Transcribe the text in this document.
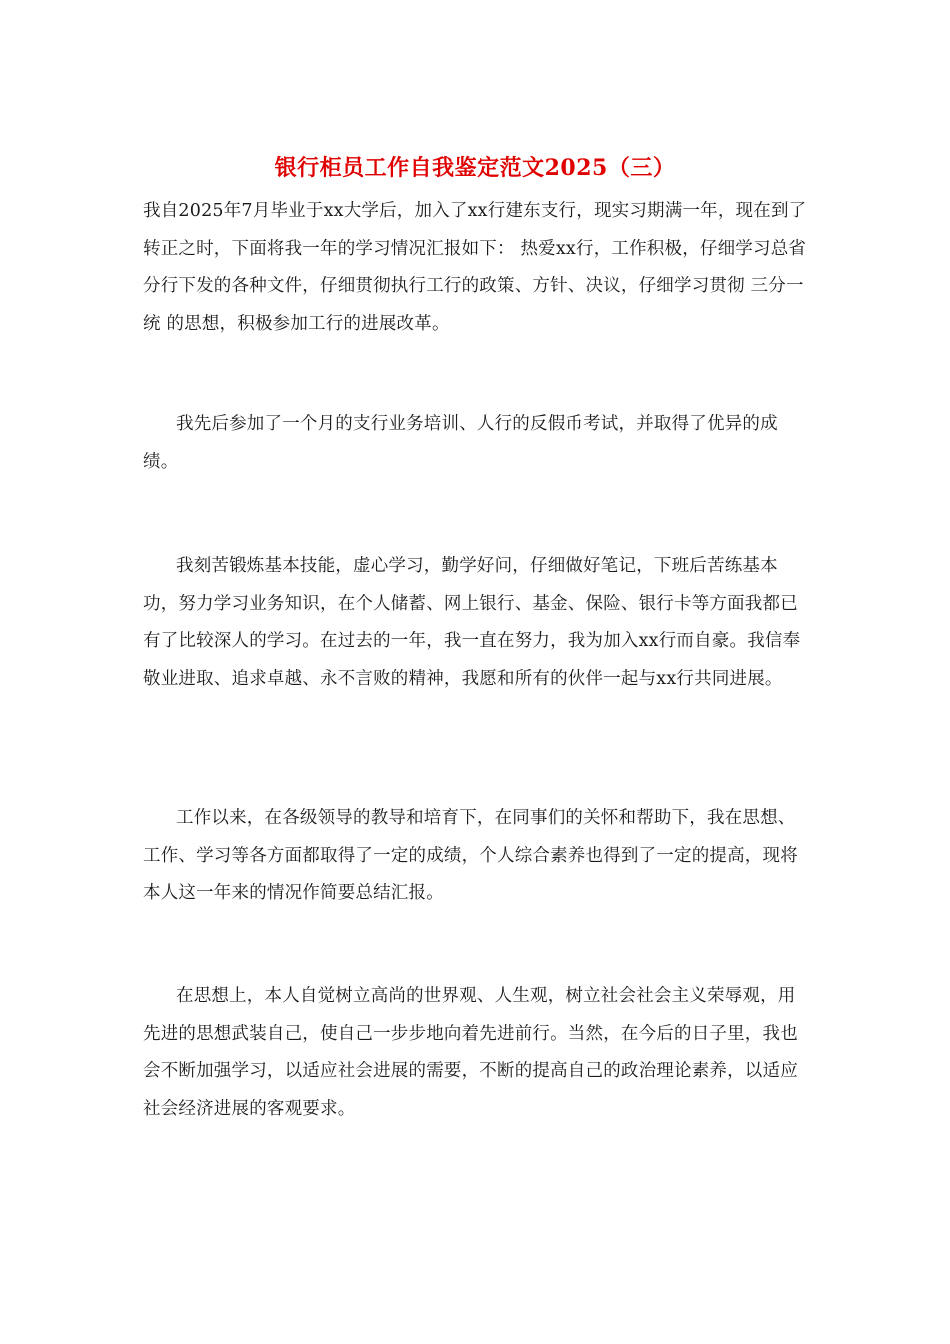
银行柜员工作自我鉴定范文2025（三）

我自2025年7月毕业于xx大学后，加入了xx行建东支行，现实习期满一年，现在到了转正之时，下面将我一年的学习情况汇报如下： 热爱xx行，工作积极，仔细学习总省分行下发的各种文件，仔细贯彻执行工行的政策、方针、决议，仔细学习贯彻 三分一统 的思想，积极参加工行的进展改革。

我先后参加了一个月的支行业务培训、人行的反假币考试，并取得了优异的成绩。

我刻苦锻炼基本技能，虚心学习，勤学好问，仔细做好笔记，下班后苦练基本功，努力学习业务知识，在个人储蓄、网上银行、基金、保险、银行卡等方面我都已有了比较深人的学习。在过去的一年，我一直在努力，我为加入xx行而自豪。我信奉敬业进取、追求卓越、永不言败的精神，我愿和所有的伙伴一起与xx行共同进展。

工作以来，在各级领导的教导和培育下，在同事们的关怀和帮助下，我在思想、工作、学习等各方面都取得了一定的成绩，个人综合素养也得到了一定的提高，现将本人这一年来的情况作简要总结汇报。

在思想上，本人自觉树立高尚的世界观、人生观，树立社会社会主义荣辱观，用先进的思想武装自己，使自己一步步地向着先进前行。当然，在今后的日子里，我也会不断加强学习，以适应社会进展的需要，不断的提高自己的政治理论素养，以适应社会经济进展的客观要求。
